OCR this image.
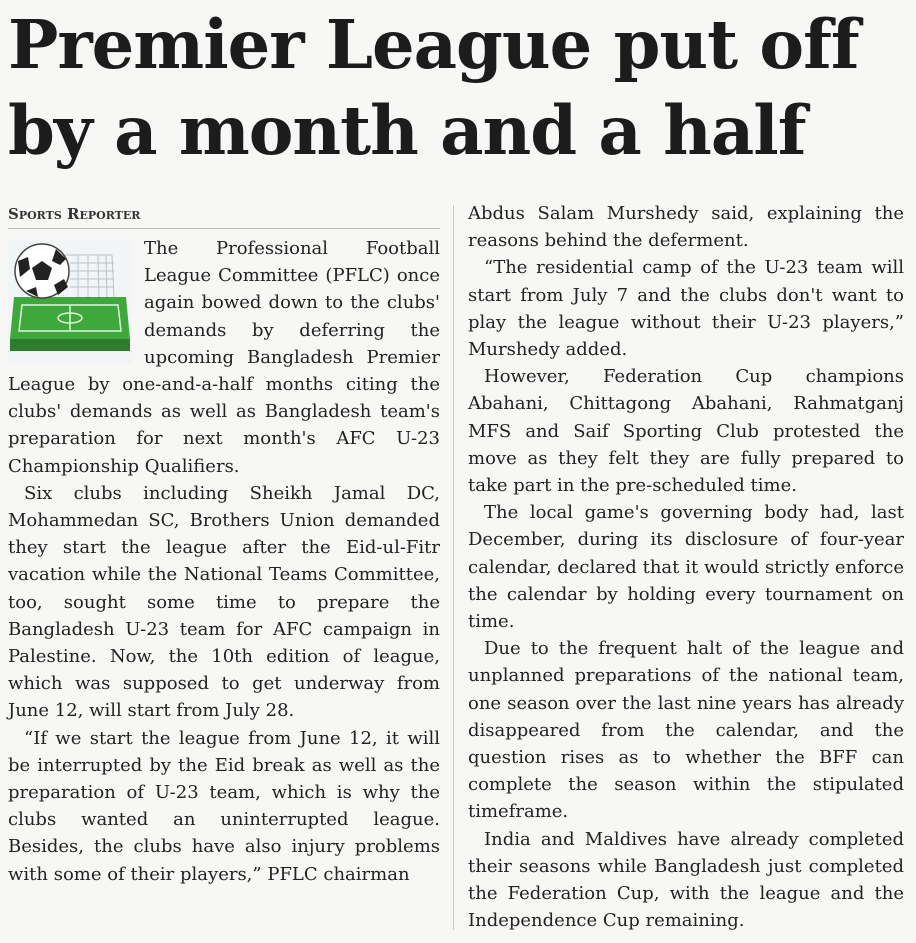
Premier League put off by a month and a half
Sports Reporter

The Professional Football League Committee (PFLC) once again bowed down to the clubs' demands by deferring the upcoming Bangladesh Premier League by one-and-a-half months citing the clubs' demands as well as Bangladesh team's preparation for next month's AFC U-23 Championship Qualifiers.

Six clubs including Sheikh Jamal DC, Mohammedan SC, Brothers Union demanded they start the league after the Eid-ul-Fitr vacation while the National Teams Committee, too, sought some time to prepare the Bangladesh U-23 team for AFC campaign in Palestine. Now, the 10th edition of league, which was supposed to get underway from June 12, will start from July 28.

“If we start the league from June 12, it will be interrupted by the Eid break as well as the preparation of U-23 team, which is why the clubs wanted an uninterrupted league. Besides, the clubs have also injury problems with some of their players,” PFLC chairman

Abdus Salam Murshedy said, explaining the reasons behind the deferment.

“The residential camp of the U-23 team will start from July 7 and the clubs don't want to play the league without their U-23 players,” Murshedy added.

However, Federation Cup champions Abahani, Chittagong Abahani, Rahmatganj MFS and Saif Sporting Club protested the move as they felt they are fully prepared to take part in the pre-scheduled time.

The local game's governing body had, last December, during its disclosure of four-year calendar, declared that it would strictly enforce the calendar by holding every tournament on time.

Due to the frequent halt of the league and unplanned preparations of the national team, one season over the last nine years has already disappeared from the calendar, and the question rises as to whether the BFF can complete the season within the stipulated timeframe.

India and Maldives have already completed their seasons while Bangladesh just completed the Federation Cup, with the league and the Independence Cup remaining.
